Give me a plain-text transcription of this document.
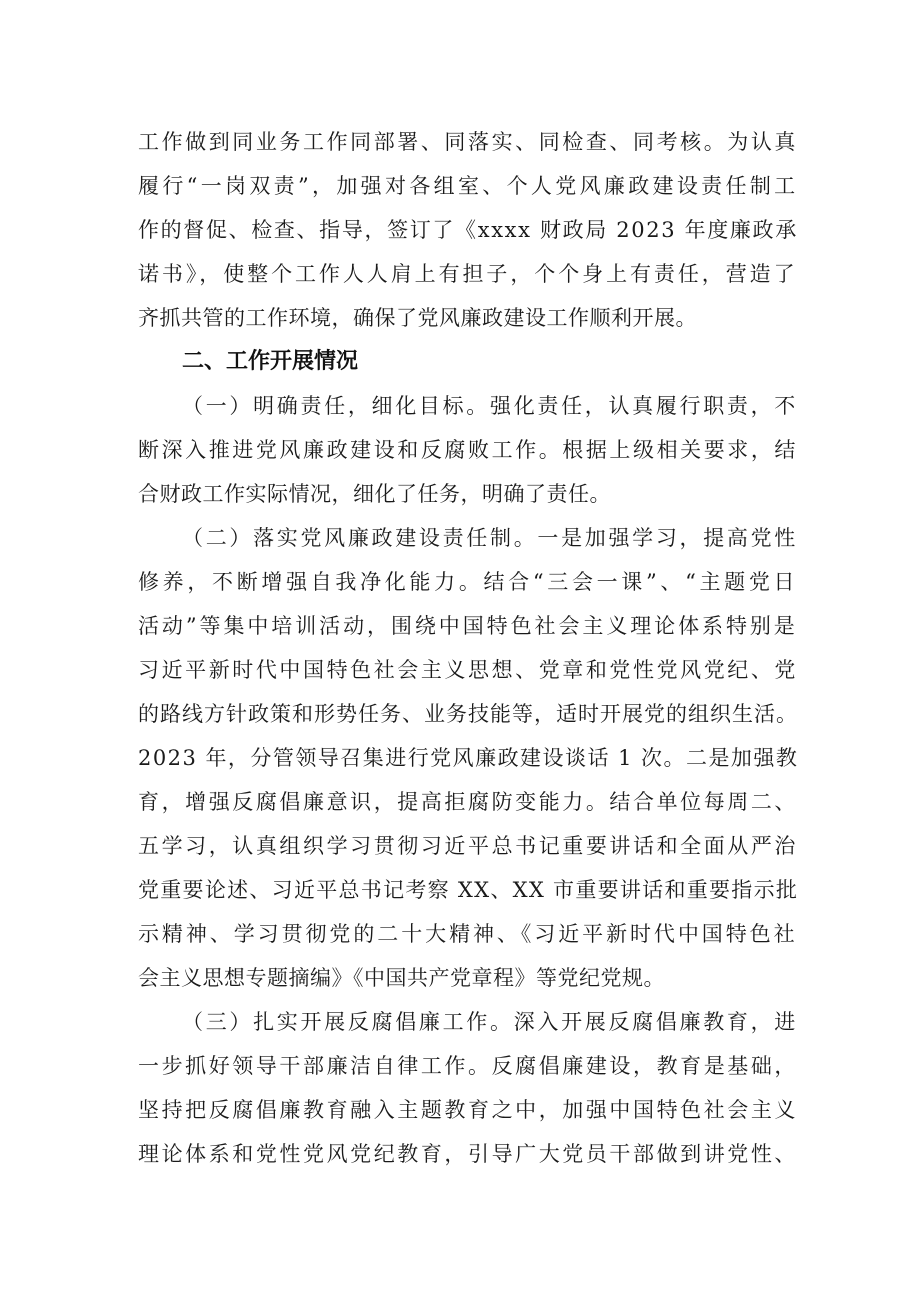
工作做到同业务工作同部署、同落实、同检查、同考核。为认真
履行“一岗双责”，加强对各组室、个人党风廉政建设责任制工
作的督促、检查、指导，签订了《xxxx 财政局 2023 年度廉政承
诺书》，使整个工作人人肩上有担子，个个身上有责任，营造了
齐抓共管的工作环境，确保了党风廉政建设工作顺利开展。
二、工作开展情况
（一）明确责任，细化目标。强化责任，认真履行职责，不
断深入推进党风廉政建设和反腐败工作。根据上级相关要求，结
合财政工作实际情况，细化了任务，明确了责任。
（二）落实党风廉政建设责任制。一是加强学习，提高党性
修养，不断增强自我净化能力。结合“三会一课”、“主题党日
活动”等集中培训活动，围绕中国特色社会主义理论体系特别是
习近平新时代中国特色社会主义思想、党章和党性党风党纪、党
的路线方针政策和形势任务、业务技能等，适时开展党的组织生活。
2023 年，分管领导召集进行党风廉政建设谈话 1 次。二是加强教
育，增强反腐倡廉意识，提高拒腐防变能力。结合单位每周二、
五学习，认真组织学习贯彻习近平总书记重要讲话和全面从严治
党重要论述、习近平总书记考察 XX、XX 市重要讲话和重要指示批
示精神、学习贯彻党的二十大精神、《习近平新时代中国特色社
会主义思想专题摘编》《中国共产党章程》等党纪党规。
（三）扎实开展反腐倡廉工作。深入开展反腐倡廉教育，进
一步抓好领导干部廉洁自律工作。反腐倡廉建设，教育是基础，
坚持把反腐倡廉教育融入主题教育之中，加强中国特色社会主义
理论体系和党性党风党纪教育，引导广大党员干部做到讲党性、
